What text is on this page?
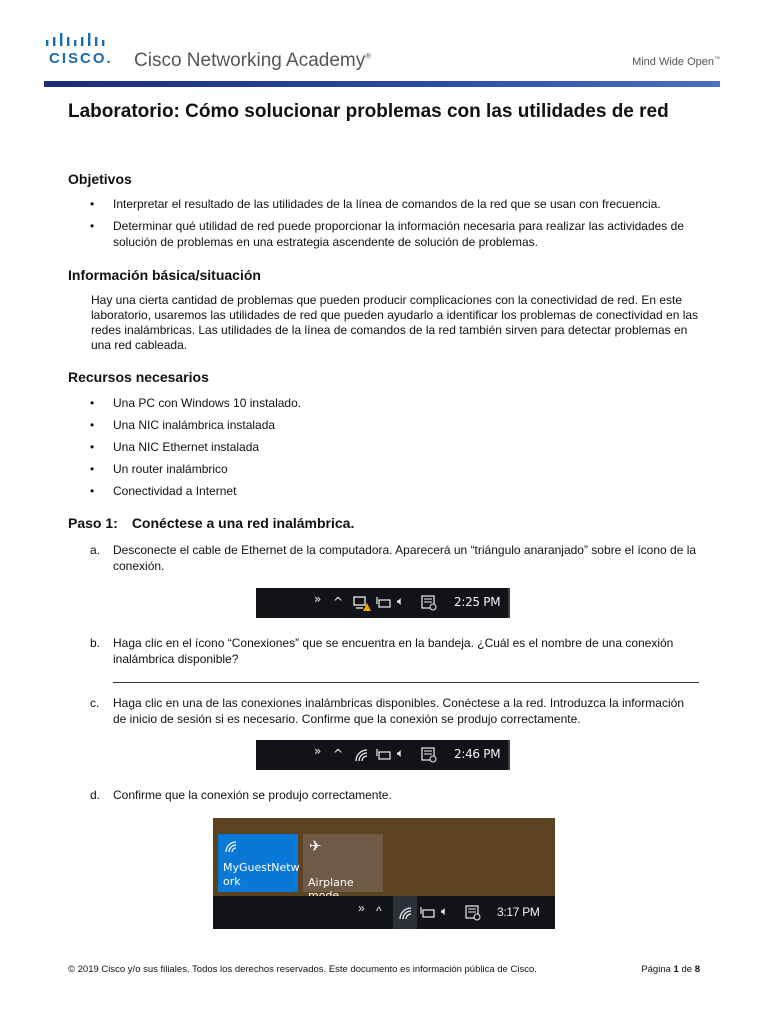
CISCO. Cisco Networking Academy®	Mind Wide Open™
Laboratorio: Cómo solucionar problemas con las utilidades de red
Objetivos
• Interpretar el resultado de las utilidades de la línea de comandos de la red que se usan con frecuencia.
• Determinar qué utilidad de red puede proporcionar la información necesaria para realizar las actividades de solución de problemas en una estrategia ascendente de solución de problemas.
Información básica/situación
Hay una cierta cantidad de problemas que pueden producir complicaciones con la conectividad de red. En este laboratorio, usaremos las utilidades de red que pueden ayudarlo a identificar los problemas de conectividad en las redes inalámbricas. Las utilidades de la línea de comandos de la red también sirven para detectar problemas en una red cableada.
Recursos necesarios
• Una PC con Windows 10 instalado.
• Una NIC inalámbrica instalada
• Una NIC Ethernet instalada
• Un router inalámbrico
• Conectividad a Internet
Paso 1: Conéctese a una red inalámbrica.
a. Desconecte el cable de Ethernet de la computadora. Aparecerá un “triángulo anaranjado” sobre el ícono de la conexión.
» ^	🔈︎	2:25 PM
b. Haga clic en el ícono “Conexiones” que se encuentra en la bandeja. ¿Cuál es el nombre de una conexión inalámbrica disponible?
c. Haga clic en una de las conexiones inalámbricas disponibles. Conéctese a la red. Introduzca la información de inicio de sesión si es necesario. Confirme que la conexión se produjo correctamente.
» ^	🔈︎	2:46 PM
d. Confirme que la conexión se produjo correctamente.
MyGuestNetw
ork
✈︎
Airplane
» ^	🔈︎	3:17 PM
© 2019 Cisco y/o sus filiales. Todos los derechos reservados. Este documento es información pública de Cisco.	Página 1 de 8
